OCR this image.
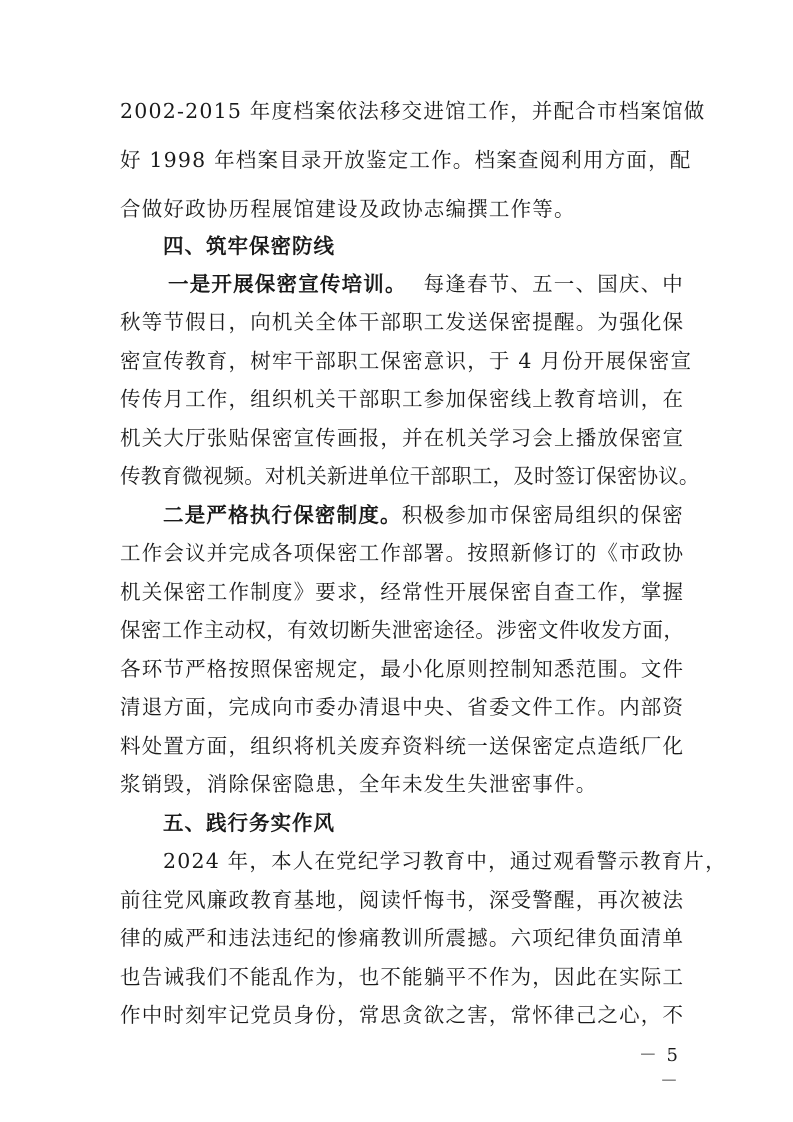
2002-2015 年度档案依法移交进馆工作，并配合市档案馆做
好 1998 年档案目录开放鉴定工作。档案查阅利用方面，配
合做好政协历程展馆建设及政协志编撰工作等。
四、筑牢保密防线
一是开展保密宣传培训。 每逢春节、五一、国庆、中
秋等节假日，向机关全体干部职工发送保密提醒。为强化保
密宣传教育，树牢干部职工保密意识，于 4 月份开展保密宣
传传月工作，组织机关干部职工参加保密线上教育培训，在
机关大厅张贴保密宣传画报，并在机关学习会上播放保密宣
传教育微视频。对机关新进单位干部职工，及时签订保密协议。
二是严格执行保密制度。 积极参加市保密局组织的保密
工作会议并完成各项保密工作部署。按照新修订的《市政协
机关保密工作制度》要求，经常性开展保密自查工作，掌握
保密工作主动权，有效切断失泄密途径。涉密文件收发方面，
各环节严格按照保密规定，最小化原则控制知悉范围。文件
清退方面，完成向市委办清退中央、省委文件工作。内部资
料处置方面，组织将机关废弃资料统一送保密定点造纸厂化
浆销毁，消除保密隐患，全年未发生失泄密事件。
五、践行务实作风
2024 年，本人在党纪学习教育中，通过观看警示教育片，
前往党风廉政教育基地，阅读忏悔书，深受警醒，再次被法
律的威严和违法违纪的惨痛教训所震撼。六项纪律负面清单
也告诫我们不能乱作为，也不能躺平不作为，因此在实际工
作中时刻牢记党员身份，常思贪欲之害，常怀律己之心，不
－ 5 －
